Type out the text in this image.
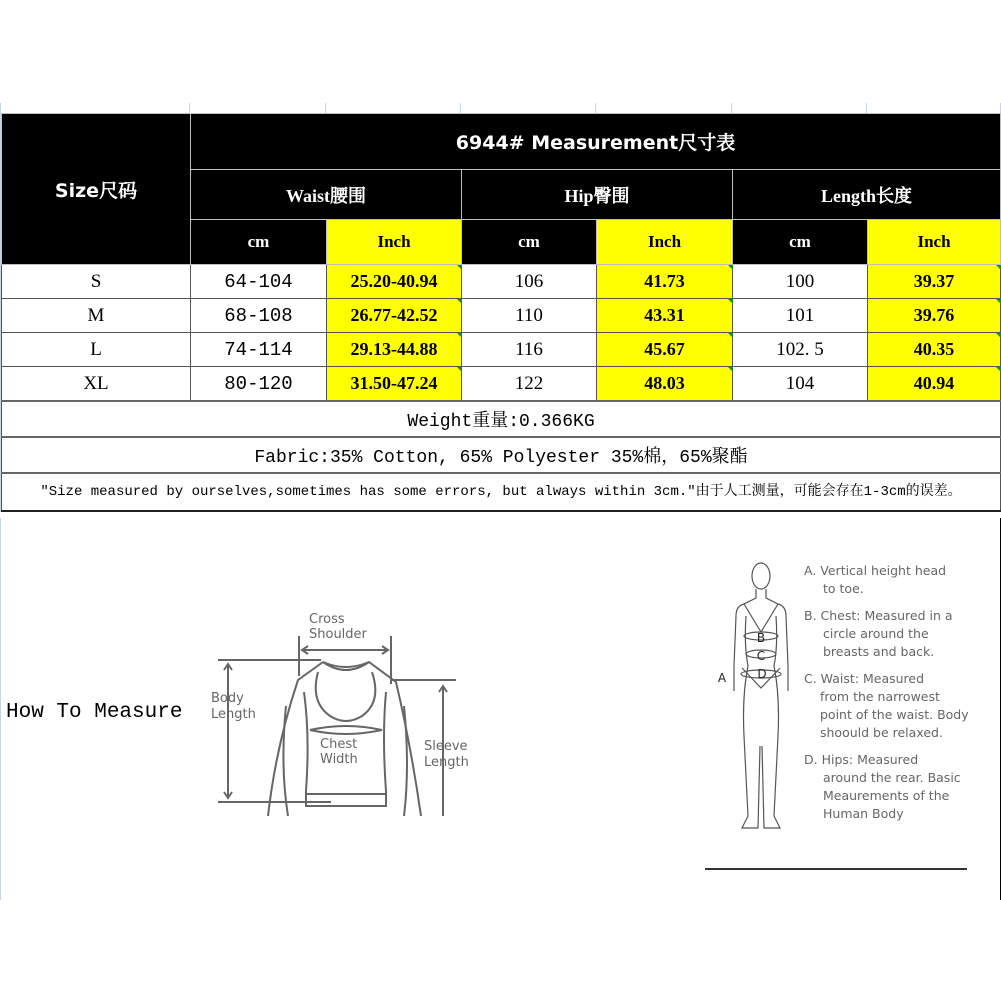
Size尺码	6944# Measurement尺寸表					
	Waist腰围		Hip臀围		Length长度	
	cm	Inch	cm	Inch	cm	Inch
S	64-104	25.20-40.94	106	41.73	100	39.37
M	68-108	26.77-42.52	110	43.31	101	39.76
L	74-114	29.13-44.88	116	45.67	102. 5	40.35
XL	80-120	31.50-47.24	122	48.03	104	40.94
Weight重量:0.366KG						
Fabric:35% Cotton, 65% Polyester 35%棉，65%聚酯						
"Size measured by ourselves,sometimes has some errors, but always within 3cm."由于人工测量，可能会存在1-3cm的误差。						
How To Measure
Cross
Shoulder
Body
Length
Chest
Width
Sleeve
Length
B
C
D
A

A. Vertical height head
to toe.

B. Chest: Measured in a
circle around the breasts and back.

C. Waist: Measured
from the narrowest point of the waist. Body shoould be relaxed.

D. Hips: Measured
around the rear. Basic Meaurements of the Human Body
